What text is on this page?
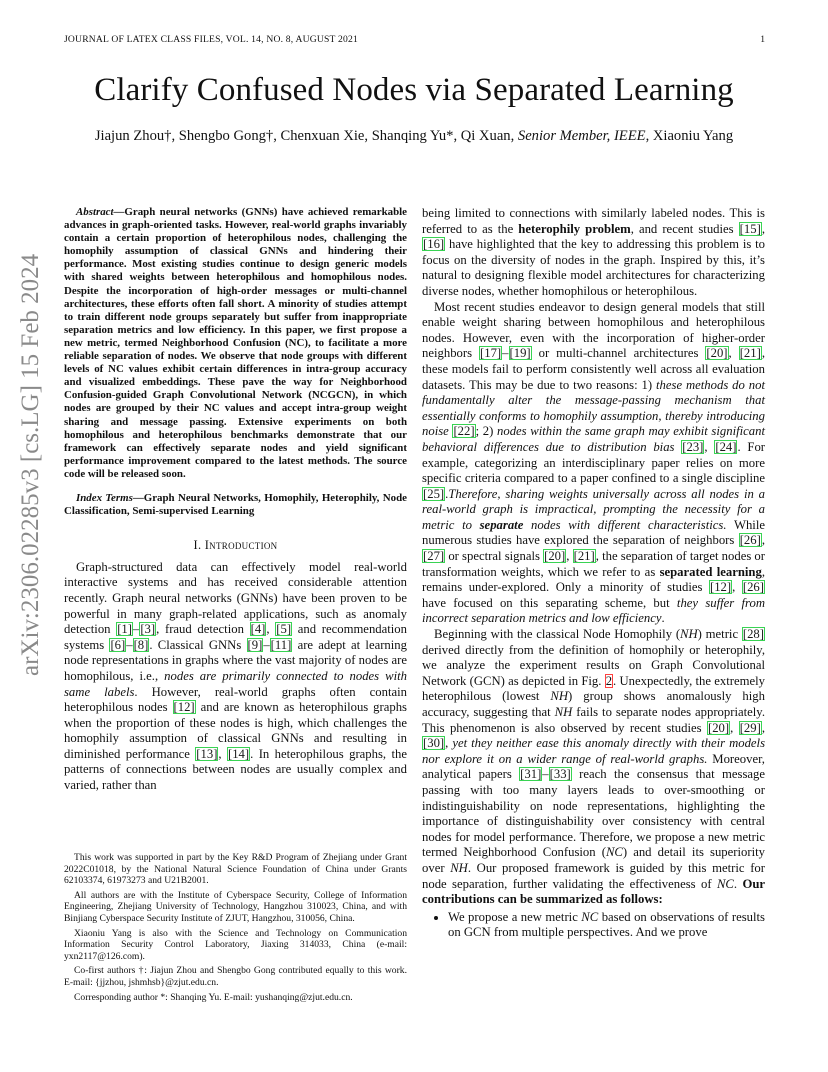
JOURNAL OF LATEX CLASS FILES, VOL. 14, NO. 8, AUGUST 2021	1
arXiv:2306.02285v3 [cs.LG] 15 Feb 2024
Clarify Confused Nodes via Separated Learning
Jiajun Zhou†, Shengbo Gong†, Chenxuan Xie, Shanqing Yu*, Qi Xuan, Senior Member, IEEE, Xiaoniu Yang
Abstract—Graph neural networks (GNNs) have achieved remarkable advances in graph-oriented tasks. However, real-world graphs invariably contain a certain proportion of heterophilous nodes, challenging the homophily assumption of classical GNNs and hindering their performance. Most existing studies continue to design generic models with shared weights between heterophilous and homophilous nodes. Despite the incorporation of high-order messages or multi-channel architectures, these efforts often fall short. A minority of studies attempt to train different node groups separately but suffer from inappropriate separation metrics and low efficiency. In this paper, we first propose a new metric, termed Neighborhood Confusion (NC), to facilitate a more reliable separation of nodes. We observe that node groups with different levels of NC values exhibit certain differences in intra-group accuracy and visualized embeddings. These pave the way for Neighborhood Confusion-guided Graph Convolutional Network (NCGCN), in which nodes are grouped by their NC values and accept intra-group weight sharing and message passing. Extensive experiments on both homophilous and heterophilous benchmarks demonstrate that our framework can effectively separate nodes and yield significant performance improvement compared to the latest methods. The source code will be released soon.
Index Terms—Graph Neural Networks, Homophily, Heterophily, Node Classification, Semi-supervised Learning
I. Introduction

Graph-structured data can effectively model real-world interactive systems and has received considerable attention recently. Graph neural networks (GNNs) have been proven to be powerful in many graph-related applications, such as anomaly detection [1]–[3], fraud detection [4], [5] and recommendation systems [6]–[8]. Classical GNNs [9]–[11] are adept at learning node representations in graphs where the vast majority of nodes are homophilous, i.e., nodes are primarily connected to nodes with same labels. However, real-world graphs often contain heterophilous nodes [12] and are known as heterophilous graphs when the proportion of these nodes is high, which challenges the homophily assumption of classical GNNs and resulting in diminished performance [13], [14]. In heterophilous graphs, the patterns of connections between nodes are usually complex and varied, rather than

This work was supported in part by the Key R&D Program of Zhejiang under Grant 2022C01018, by the National Natural Science Foundation of China under Grants 62103374, 61973273 and U21B2001.

All authors are with the Institute of Cyberspace Security, College of Information Engineering, Zhejiang University of Technology, Hangzhou 310023, China, and with Binjiang Cyberspace Security Institute of ZJUT, Hangzhou, 310056, China.

Xiaoniu Yang is also with the Science and Technology on Communication Information Security Control Laboratory, Jiaxing 314033, China (e-mail: yxn2117@126.com).

Co-first authors †: Jiajun Zhou and Shengbo Gong contributed equally to this work. E-mail: {jjzhou, jshmhsb}@zjut.edu.cn.

Corresponding author *: Shanqing Yu. E-mail: yushanqing@zjut.edu.cn.

being limited to connections with similarly labeled nodes. This is referred to as the heterophily problem, and recent studies [15], [16] have highlighted that the key to addressing this problem is to focus on the diversity of nodes in the graph. Inspired by this, it’s natural to designing flexible model architectures for characterizing diverse nodes, whether homophilous or heterophilous.

Most recent studies endeavor to design general models that still enable weight sharing between homophilous and heterophilous nodes. However, even with the incorporation of higher-order neighbors [17]–[19] or multi-channel architectures [20], [21], these models fail to perform consistently well across all evaluation datasets. This may be due to two reasons: 1) these methods do not fundamentally alter the message-passing mechanism that essentially conforms to homophily assumption, thereby introducing noise [22]; 2) nodes within the same graph may exhibit significant behavioral differences due to distribution bias [23], [24]. For example, categorizing an interdisciplinary paper relies on more specific criteria compared to a paper confined to a single discipline [25].Therefore, sharing weights universally across all nodes in a real-world graph is impractical, prompting the necessity for a metric to separate nodes with different characteristics. While numerous studies have explored the separation of neighbors [26], [27] or spectral signals [20], [21], the separation of target nodes or transformation weights, which we refer to as separated learning, remains under-explored. Only a minority of studies [12], [26] have focused on this separating scheme, but they suffer from incorrect separation metrics and low efficiency.

Beginning with the classical Node Homophily (NH) metric [28] derived directly from the definition of homophily or heterophily, we analyze the experiment results on Graph Convolutional Network (GCN) as depicted in Fig. 2. Unexpectedly, the extremely heterophilous (lowest NH) group shows anomalously high accuracy, suggesting that NH fails to separate nodes appropriately. This phenomenon is also observed by recent studies [20], [29], [30], yet they neither ease this anomaly directly with their models nor explore it on a wider range of real-world graphs. Moreover, analytical papers [31]–[33] reach the consensus that message passing with too many layers leads to over-smoothing or indistinguishability on node representations, highlighting the importance of distinguishability over consistency with central nodes for model performance. Therefore, we propose a new metric termed Neighborhood Confusion (NC) and detail its superiority over NH. Our proposed framework is guided by this metric for node separation, further validating the effectiveness of NC. Our contributions can be summarized as follows:

• We propose a new metric NC based on observations of results on GCN from multiple perspectives. And we prove
